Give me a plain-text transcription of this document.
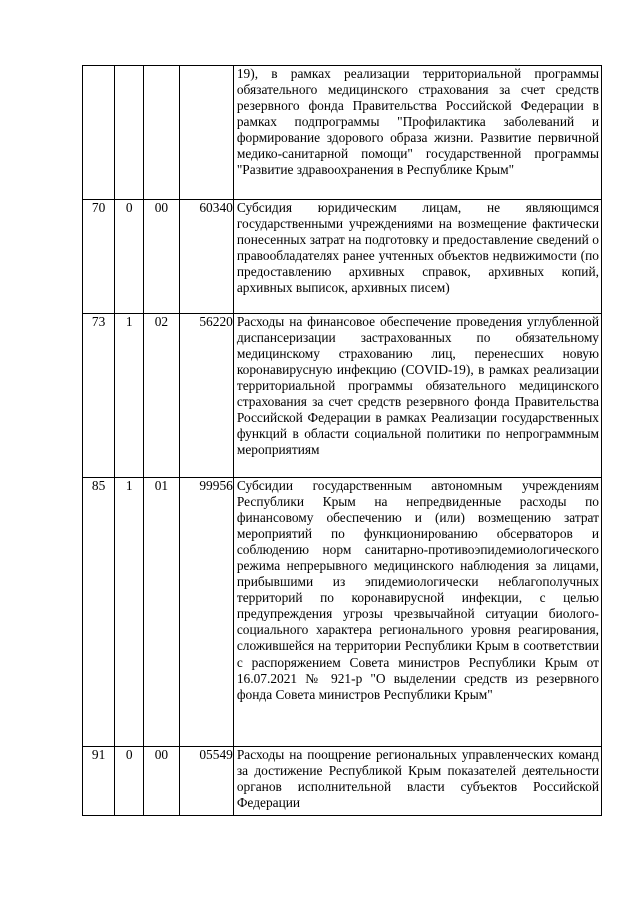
				19), в рамках реализации территориальной программы обязательного медицинского страхования за счет средств резервного фонда Правительства Российской Федерации в рамках подпрограммы "Профилактика заболеваний и формирование здорового образа жизни. Развитие первичной медико-санитарной помощи" государственной программы "Развитие здравоохранения в Республике Крым"

70	0	00	60340	Субсидия юридическим лицам, не являющимся государственными учреждениями на возмещение фактически понесенных затрат на подготовку и предоставление сведений о правообладателях ранее учтенных объектов недвижимости (по предоставлению архивных справок, архивных копий, архивных выписок, архивных писем)

73	1	02	56220	Расходы на финансовое обеспечение проведения углубленной диспансеризации застрахованных по обязательному медицинскому страхованию лиц, перенесших новую коронавирусную инфекцию (COVID-19), в рамках реализации территориальной программы обязательного медицинского страхования за счет средств резервного фонда Правительства Российской Федерации в рамках Реализации государственных функций в области социальной политики по непрограммным мероприятиям

85	1	01	99956	Субсидии государственным автономным учреждениям Республики Крым на непредвиденные расходы по финансовому обеспечению и (или) возмещению затрат мероприятий по функционированию обсерваторов и соблюдению норм санитарно-противоэпидемиологического режима непрерывного медицинского наблюдения за лицами, прибывшими из эпидемиологически неблагополучных территорий по коронавирусной инфекции, с целью предупреждения угрозы чрезвычайной ситуации биолого-социального характера регионального уровня реагирования, сложившейся на территории Республики Крым в соответствии с распоряжением Совета министров Республики Крым от 16.07.2021 № 921-р "О выделении средств из резервного фонда Совета министров Республики Крым"

91	0	00	05549	Расходы на поощрение региональных управленческих команд за достижение Республикой Крым показателей деятельности органов исполнительной власти субъектов Российской Федерации
